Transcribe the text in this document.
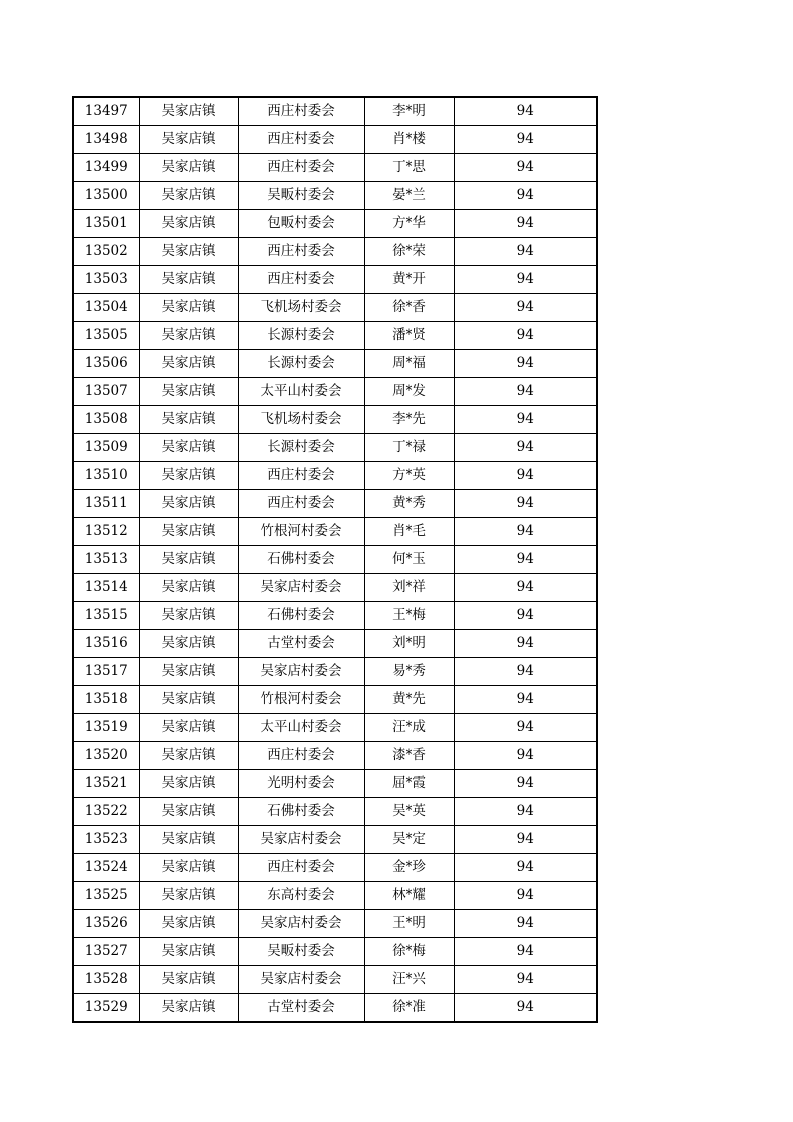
13497	吴家店镇	西庄村委会	李*明	94
13498	吴家店镇	西庄村委会	肖*楼	94
13499	吴家店镇	西庄村委会	丁*思	94
13500	吴家店镇	吴畈村委会	晏*兰	94
13501	吴家店镇	包畈村委会	方*华	94
13502	吴家店镇	西庄村委会	徐*荣	94
13503	吴家店镇	西庄村委会	黄*开	94
13504	吴家店镇	飞机场村委会	徐*香	94
13505	吴家店镇	长源村委会	潘*贤	94
13506	吴家店镇	长源村委会	周*福	94
13507	吴家店镇	太平山村委会	周*发	94
13508	吴家店镇	飞机场村委会	李*先	94
13509	吴家店镇	长源村委会	丁*禄	94
13510	吴家店镇	西庄村委会	方*英	94
13511	吴家店镇	西庄村委会	黄*秀	94
13512	吴家店镇	竹根河村委会	肖*毛	94
13513	吴家店镇	石佛村委会	何*玉	94
13514	吴家店镇	吴家店村委会	刘*祥	94
13515	吴家店镇	石佛村委会	王*梅	94
13516	吴家店镇	古堂村委会	刘*明	94
13517	吴家店镇	吴家店村委会	易*秀	94
13518	吴家店镇	竹根河村委会	黄*先	94
13519	吴家店镇	太平山村委会	汪*成	94
13520	吴家店镇	西庄村委会	漆*香	94
13521	吴家店镇	光明村委会	屈*霞	94
13522	吴家店镇	石佛村委会	吴*英	94
13523	吴家店镇	吴家店村委会	吴*定	94
13524	吴家店镇	西庄村委会	金*珍	94
13525	吴家店镇	东高村委会	林*耀	94
13526	吴家店镇	吴家店村委会	王*明	94
13527	吴家店镇	吴畈村委会	徐*梅	94
13528	吴家店镇	吴家店村委会	汪*兴	94
13529	吴家店镇	古堂村委会	徐*准	94
